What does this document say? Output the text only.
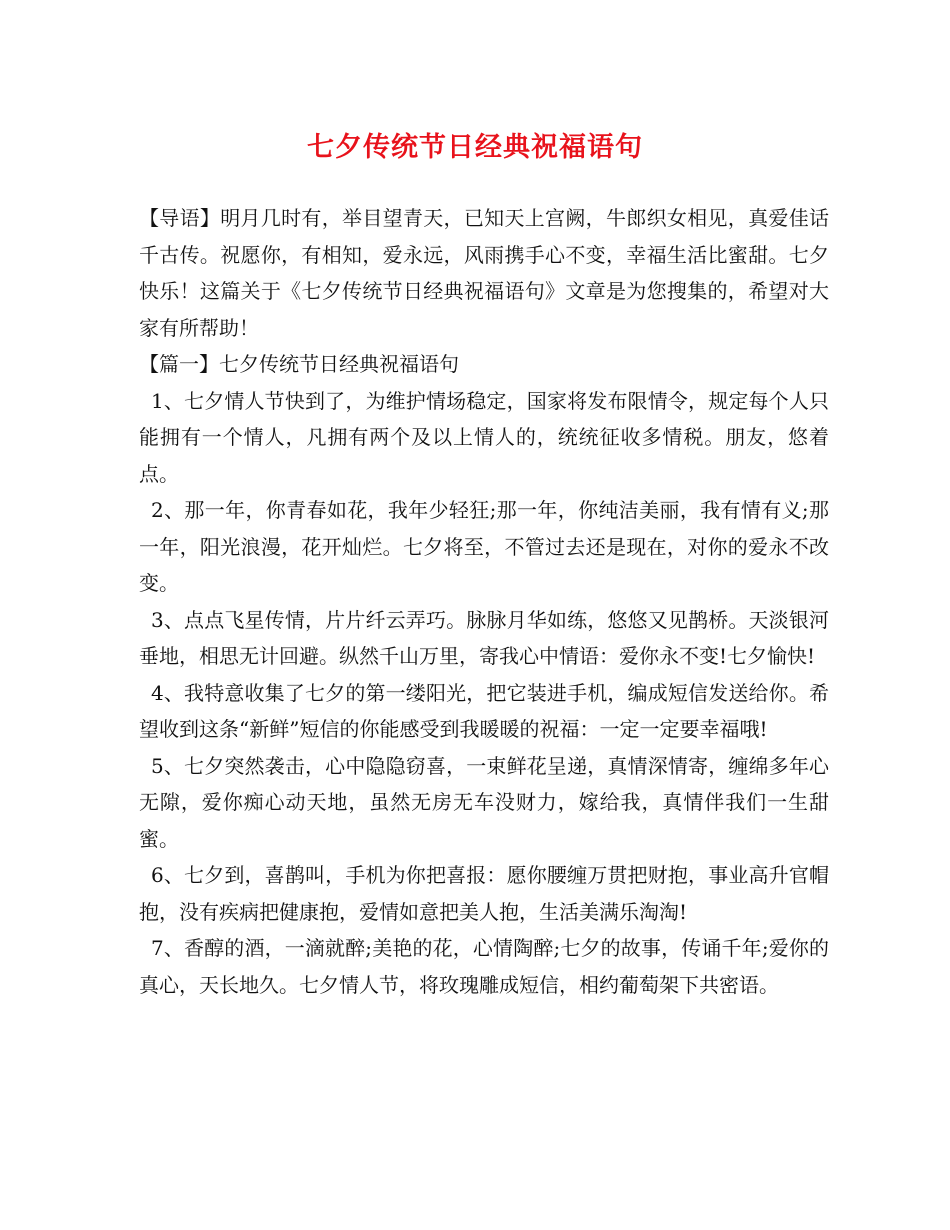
七夕传统节日经典祝福语句

【导语】明月几时有，举目望青天，已知天上宫阙，牛郎织女相见，真爱佳话千古传。祝愿你，有相知，爱永远，风雨携手心不变，幸福生活比蜜甜。七夕快乐！这篇关于《七夕传统节日经典祝福语句》文章是为您搜集的，希望对大家有所帮助！

【篇一】七夕传统节日经典祝福语句

1、七夕情人节快到了，为维护情场稳定，国家将发布限情令，规定每个人只能拥有一个情人，凡拥有两个及以上情人的，统统征收多情税。朋友，悠着点。

2、那一年，你青春如花，我年少轻狂;那一年，你纯洁美丽，我有情有义;那一年，阳光浪漫，花开灿烂。七夕将至，不管过去还是现在，对你的爱永不改变。

3、点点飞星传情，片片纤云弄巧。脉脉月华如练，悠悠又见鹊桥。天淡银河垂地，相思无计回避。纵然千山万里，寄我心中情语：爱你永不变!七夕愉快!

4、我特意收集了七夕的第一缕阳光，把它装进手机，编成短信发送给你。希望收到这条“新鲜”短信的你能感受到我暖暖的祝福：一定一定要幸福哦!

5、七夕突然袭击，心中隐隐窃喜，一束鲜花呈递，真情深情寄，缠绵多年心无隙，爱你痴心动天地，虽然无房无车没财力，嫁给我，真情伴我们一生甜蜜。

6、七夕到，喜鹊叫，手机为你把喜报：愿你腰缠万贯把财抱，事业高升官帽抱，没有疾病把健康抱，爱情如意把美人抱，生活美满乐淘淘!

7、香醇的酒，一滴就醉;美艳的花，心情陶醉;七夕的故事，传诵千年;爱你的真心，天长地久。七夕情人节，将玫瑰雕成短信，相约葡萄架下共密语。
